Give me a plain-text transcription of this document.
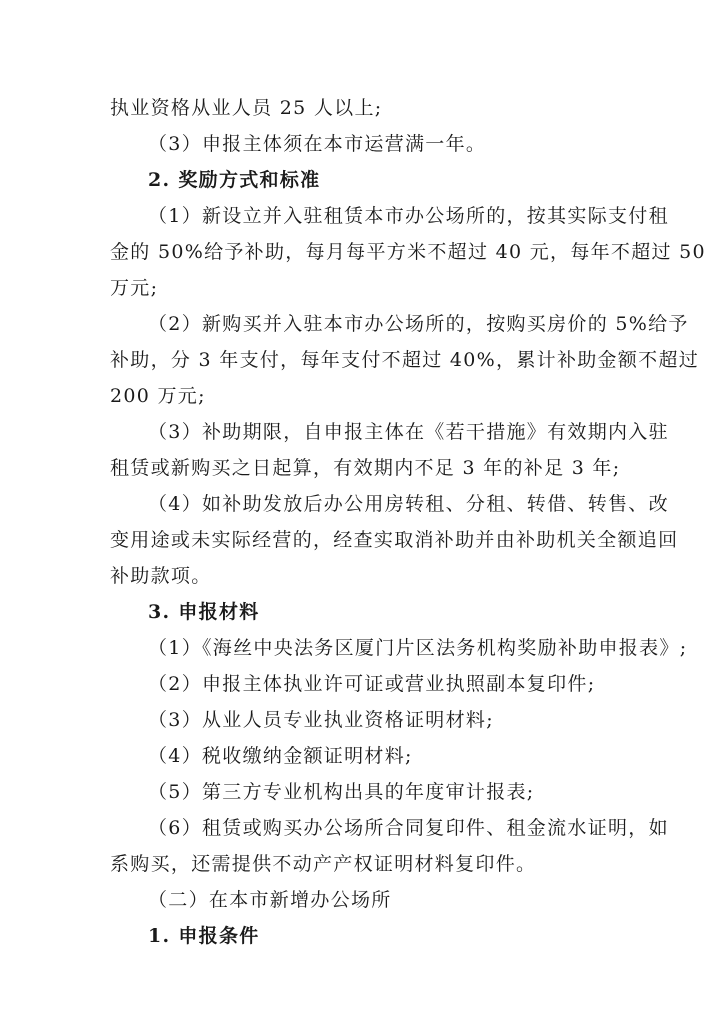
执业资格从业人员 25 人以上;
（3）申报主体须在本市运营满一年。
2. 奖励方式和标准
（1）新设立并入驻租赁本市办公场所的，按其实际支付租
金的 50%给予补助，每月每平方米不超过 40 元，每年不超过 50
万元;
（2）新购买并入驻本市办公场所的，按购买房价的 5%给予
补助，分 3 年支付，每年支付不超过 40%，累计补助金额不超过
200 万元;
（3）补助期限，自申报主体在《若干措施》有效期内入驻
租赁或新购买之日起算，有效期内不足 3 年的补足 3 年;
（4）如补助发放后办公用房转租、分租、转借、转售、改
变用途或未实际经营的，经查实取消补助并由补助机关全额追回
补助款项。
3. 申报材料
（1）《海丝中央法务区厦门片区法务机构奖励补助申报表》;
（2）申报主体执业许可证或营业执照副本复印件;
（3）从业人员专业执业资格证明材料;
（4）税收缴纳金额证明材料;
（5）第三方专业机构出具的年度审计报表;
（6）租赁或购买办公场所合同复印件、租金流水证明，如
系购买，还需提供不动产产权证明材料复印件。
（二）在本市新增办公场所
1. 申报条件
